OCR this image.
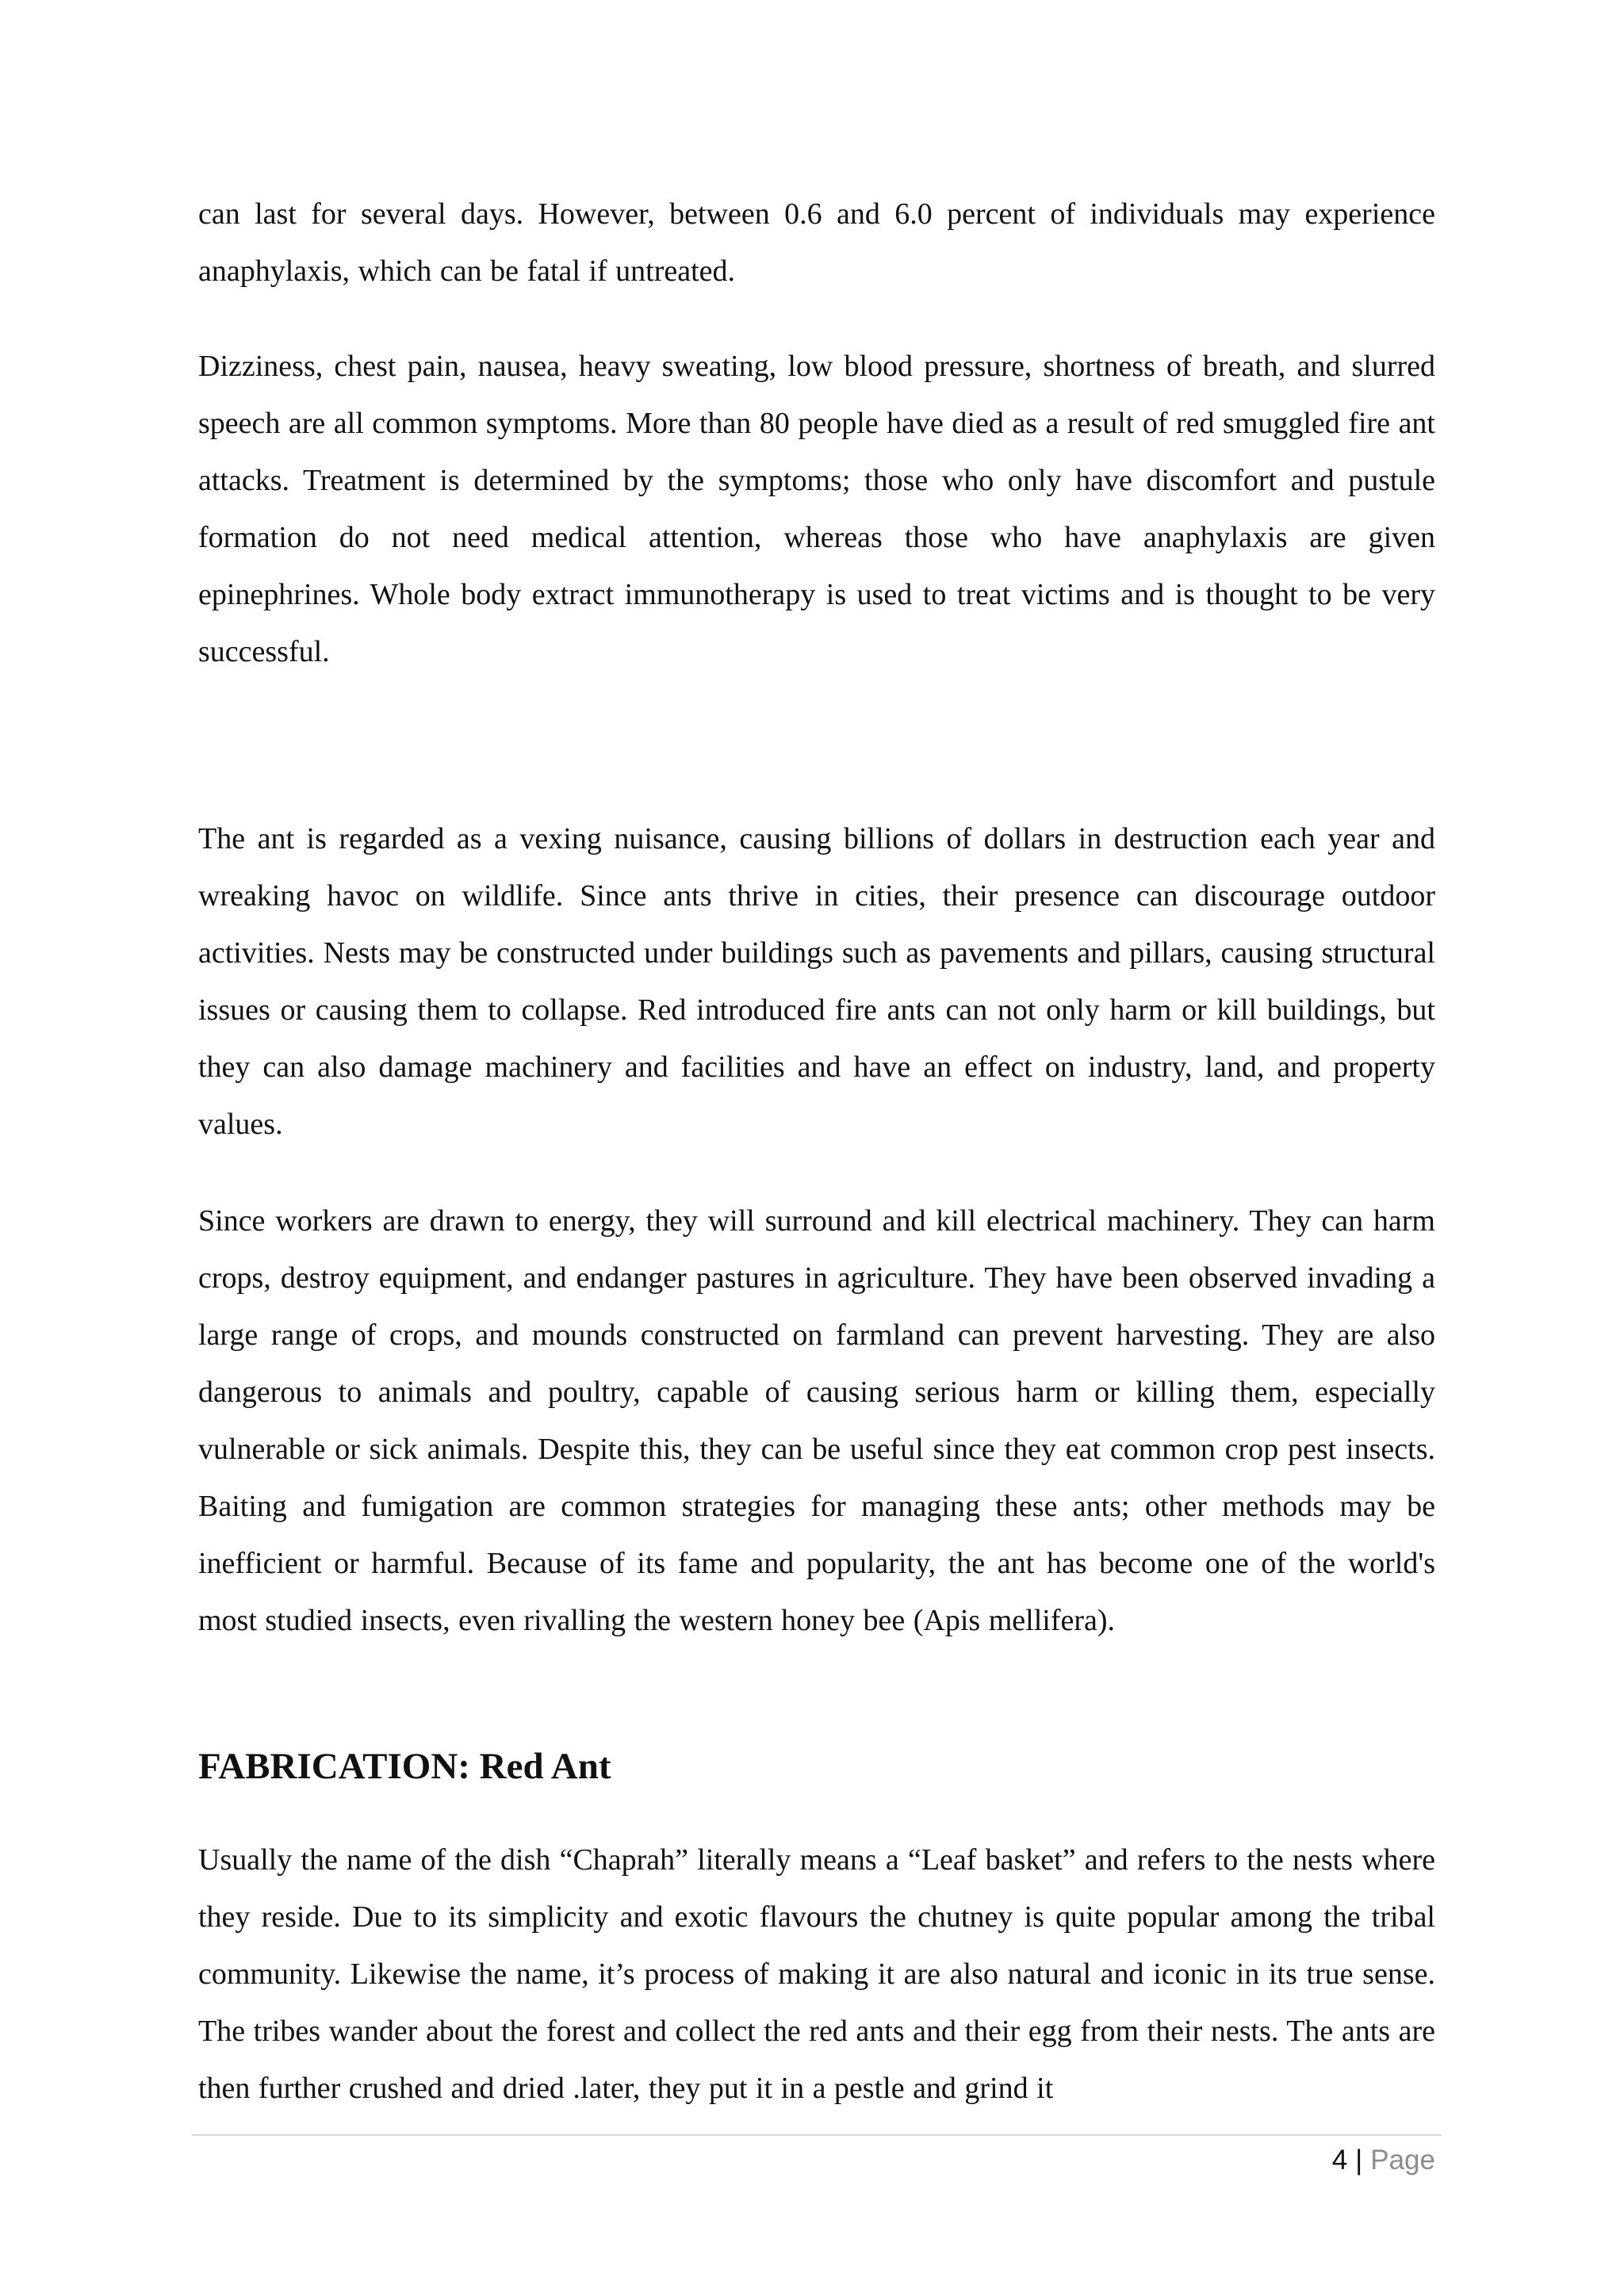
can last for several days. However, between 0.6 and 6.0 percent of individuals may experience anaphylaxis, which can be fatal if untreated.

Dizziness, chest pain, nausea, heavy sweating, low blood pressure, shortness of breath, and slurred speech are all common symptoms. More than 80 people have died as a result of red smuggled fire ant attacks. Treatment is determined by the symptoms; those who only have discomfort and pustule formation do not need medical attention, whereas those who have anaphylaxis are given epinephrines. Whole body extract immunotherapy is used to treat victims and is thought to be very successful.

The ant is regarded as a vexing nuisance, causing billions of dollars in destruction each year and wreaking havoc on wildlife. Since ants thrive in cities, their presence can discourage outdoor activities. Nests may be constructed under buildings such as pavements and pillars, causing structural issues or causing them to collapse. Red introduced fire ants can not only harm or kill buildings, but they can also damage machinery and facilities and have an effect on industry, land, and property values.

Since workers are drawn to energy, they will surround and kill electrical machinery. They can harm crops, destroy equipment, and endanger pastures in agriculture. They have been observed invading a large range of crops, and mounds constructed on farmland can prevent harvesting. They are also dangerous to animals and poultry, capable of causing serious harm or killing them, especially vulnerable or sick animals. Despite this, they can be useful since they eat common crop pest insects. Baiting and fumigation are common strategies for managing these ants; other methods may be inefficient or harmful. Because of its fame and popularity, the ant has become one of the world's most studied insects, even rivalling the western honey bee (Apis mellifera).

FABRICATION: Red Ant

Usually the name of the dish “Chaprah” literally means a “Leaf basket” and refers to the nests where they reside. Due to its simplicity and exotic flavours the chutney is quite popular among the tribal community. Likewise the name, it’s process of making it are also natural and iconic in its true sense. The tribes wander about the forest and collect the red ants and their egg from their nests. The ants are then further crushed and dried .later, they put it in a pestle and grind it

4 | Page
